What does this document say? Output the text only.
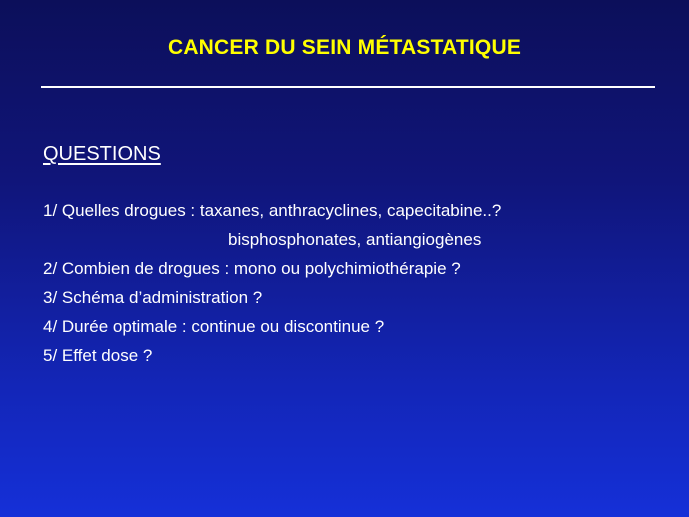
CANCER DU SEIN MÉTASTATIQUE
QUESTIONS
1/ Quelles drogues : taxanes, anthracyclines, capecitabine..?
bisphosphonates, antiangiogènes
2/ Combien de drogues : mono ou polychimiothérapie ?
3/ Schéma d’administration ?
4/ Durée optimale : continue ou discontinue ?
5/ Effet dose ?
